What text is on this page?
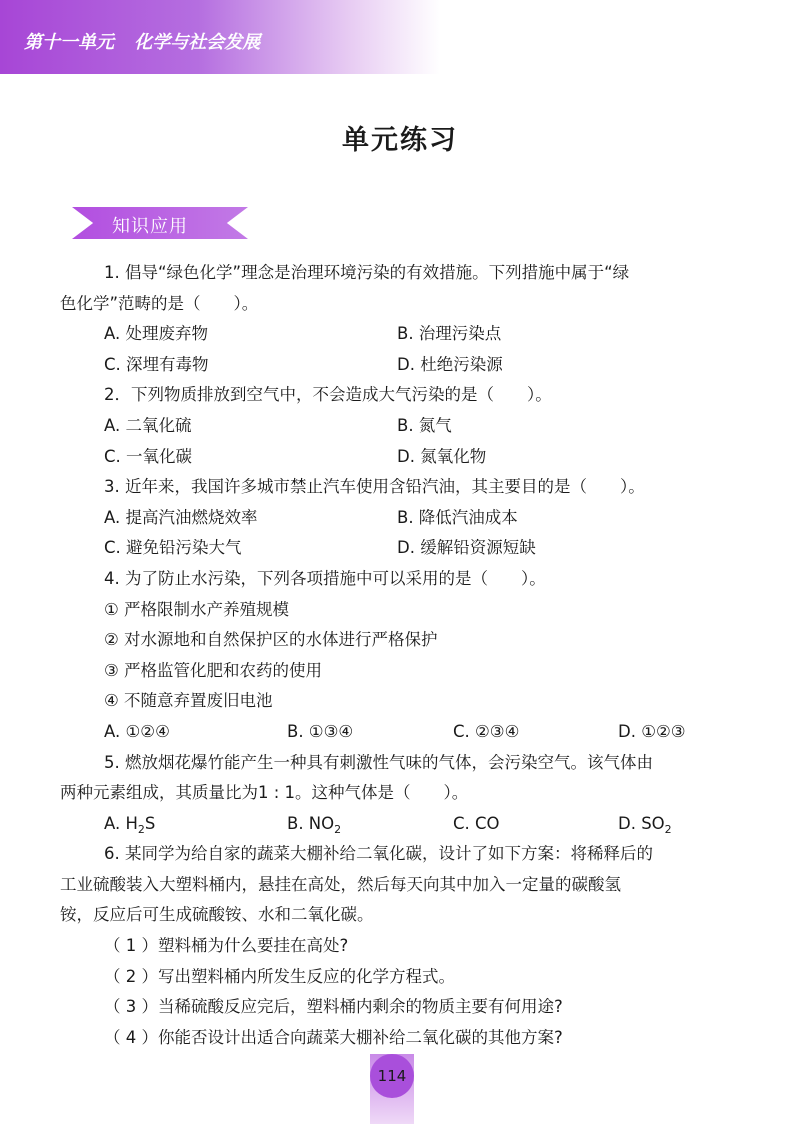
第十一单元 化学与社会发展
单元练习
知识应用
1. 倡导“绿色化学”理念是治理环境污染的有效措施。下列措施中属于“绿
色化学”范畴的是（　　）。
A. 处理废弃物	B. 治理污染点
C. 深埋有毒物	D. 杜绝污染源
2．下列物质排放到空气中，不会造成大气污染的是（　　）。
A. 二氧化硫	B. 氮气
C. 一氧化碳	D. 氮氧化物
3. 近年来，我国许多城市禁止汽车使用含铅汽油，其主要目的是（　　）。
A. 提高汽油燃烧效率	B. 降低汽油成本
C. 避免铅污染大气	D. 缓解铅资源短缺
4. 为了防止水污染，下列各项措施中可以采用的是（　　）。
① 严格限制水产养殖规模
② 对水源地和自然保护区的水体进行严格保护
③ 严格监管化肥和农药的使用
④ 不随意弃置废旧电池
A. ①②④	B. ①③④	C. ②③④	D. ①②③
5. 燃放烟花爆竹能产生一种具有刺激性气味的气体，会污染空气。该气体由
两种元素组成，其质量比为1 : 1。这种气体是（　　）。
A. $H_2S$	B. $NO_2$	C. CO	D. $SO_2$
6. 某同学为给自家的蔬菜大棚补给二氧化碳，设计了如下方案：将稀释后的
工业硫酸装入大塑料桶内，悬挂在高处，然后每天向其中加入一定量的碳酸氢
铵，反应后可生成硫酸铵、水和二氧化碳。
（ 1 ）塑料桶为什么要挂在高处?
（ 2 ）写出塑料桶内所发生反应的化学方程式。
（ 3 ）当稀硫酸反应完后，塑料桶内剩余的物质主要有何用途?
（ 4 ）你能否设计出适合向蔬菜大棚补给二氧化碳的其他方案?
114
